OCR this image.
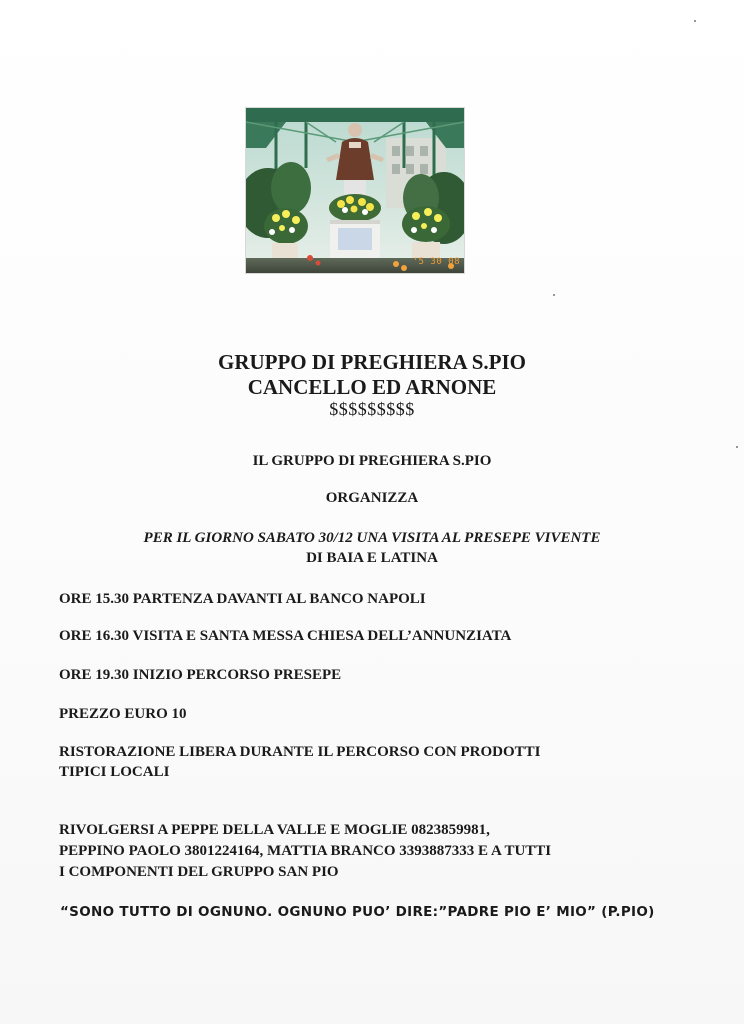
'5 30 08
GRUPPO DI PREGHIERA S.PIO
CANCELLO ED ARNONE
$$$$$$$$$
IL GRUPPO DI PREGHIERA S.PIO
ORGANIZZA
PER IL GIORNO SABATO 30/12 UNA VISITA AL PRESEPE VIVENTE
DI BAIA E LATINA
ORE 15.30 PARTENZA DAVANTI AL BANCO NAPOLI
ORE 16.30 VISITA E SANTA MESSA CHIESA DELL’ANNUNZIATA
ORE 19.30 INIZIO PERCORSO PRESEPE
PREZZO EURO 10
RISTORAZIONE LIBERA DURANTE IL PERCORSO CON PRODOTTI
TIPICI LOCALI
RIVOLGERSI A PEPPE DELLA VALLE E MOGLIE 0823859981,
PEPPINO PAOLO 3801224164, MATTIA BRANCO 3393887333 E A TUTTI
I COMPONENTI DEL GRUPPO SAN PIO
“SONO TUTTO DI OGNUNO. OGNUNO PUO’ DIRE:”PADRE PIO E’ MIO” (P.PIO)
